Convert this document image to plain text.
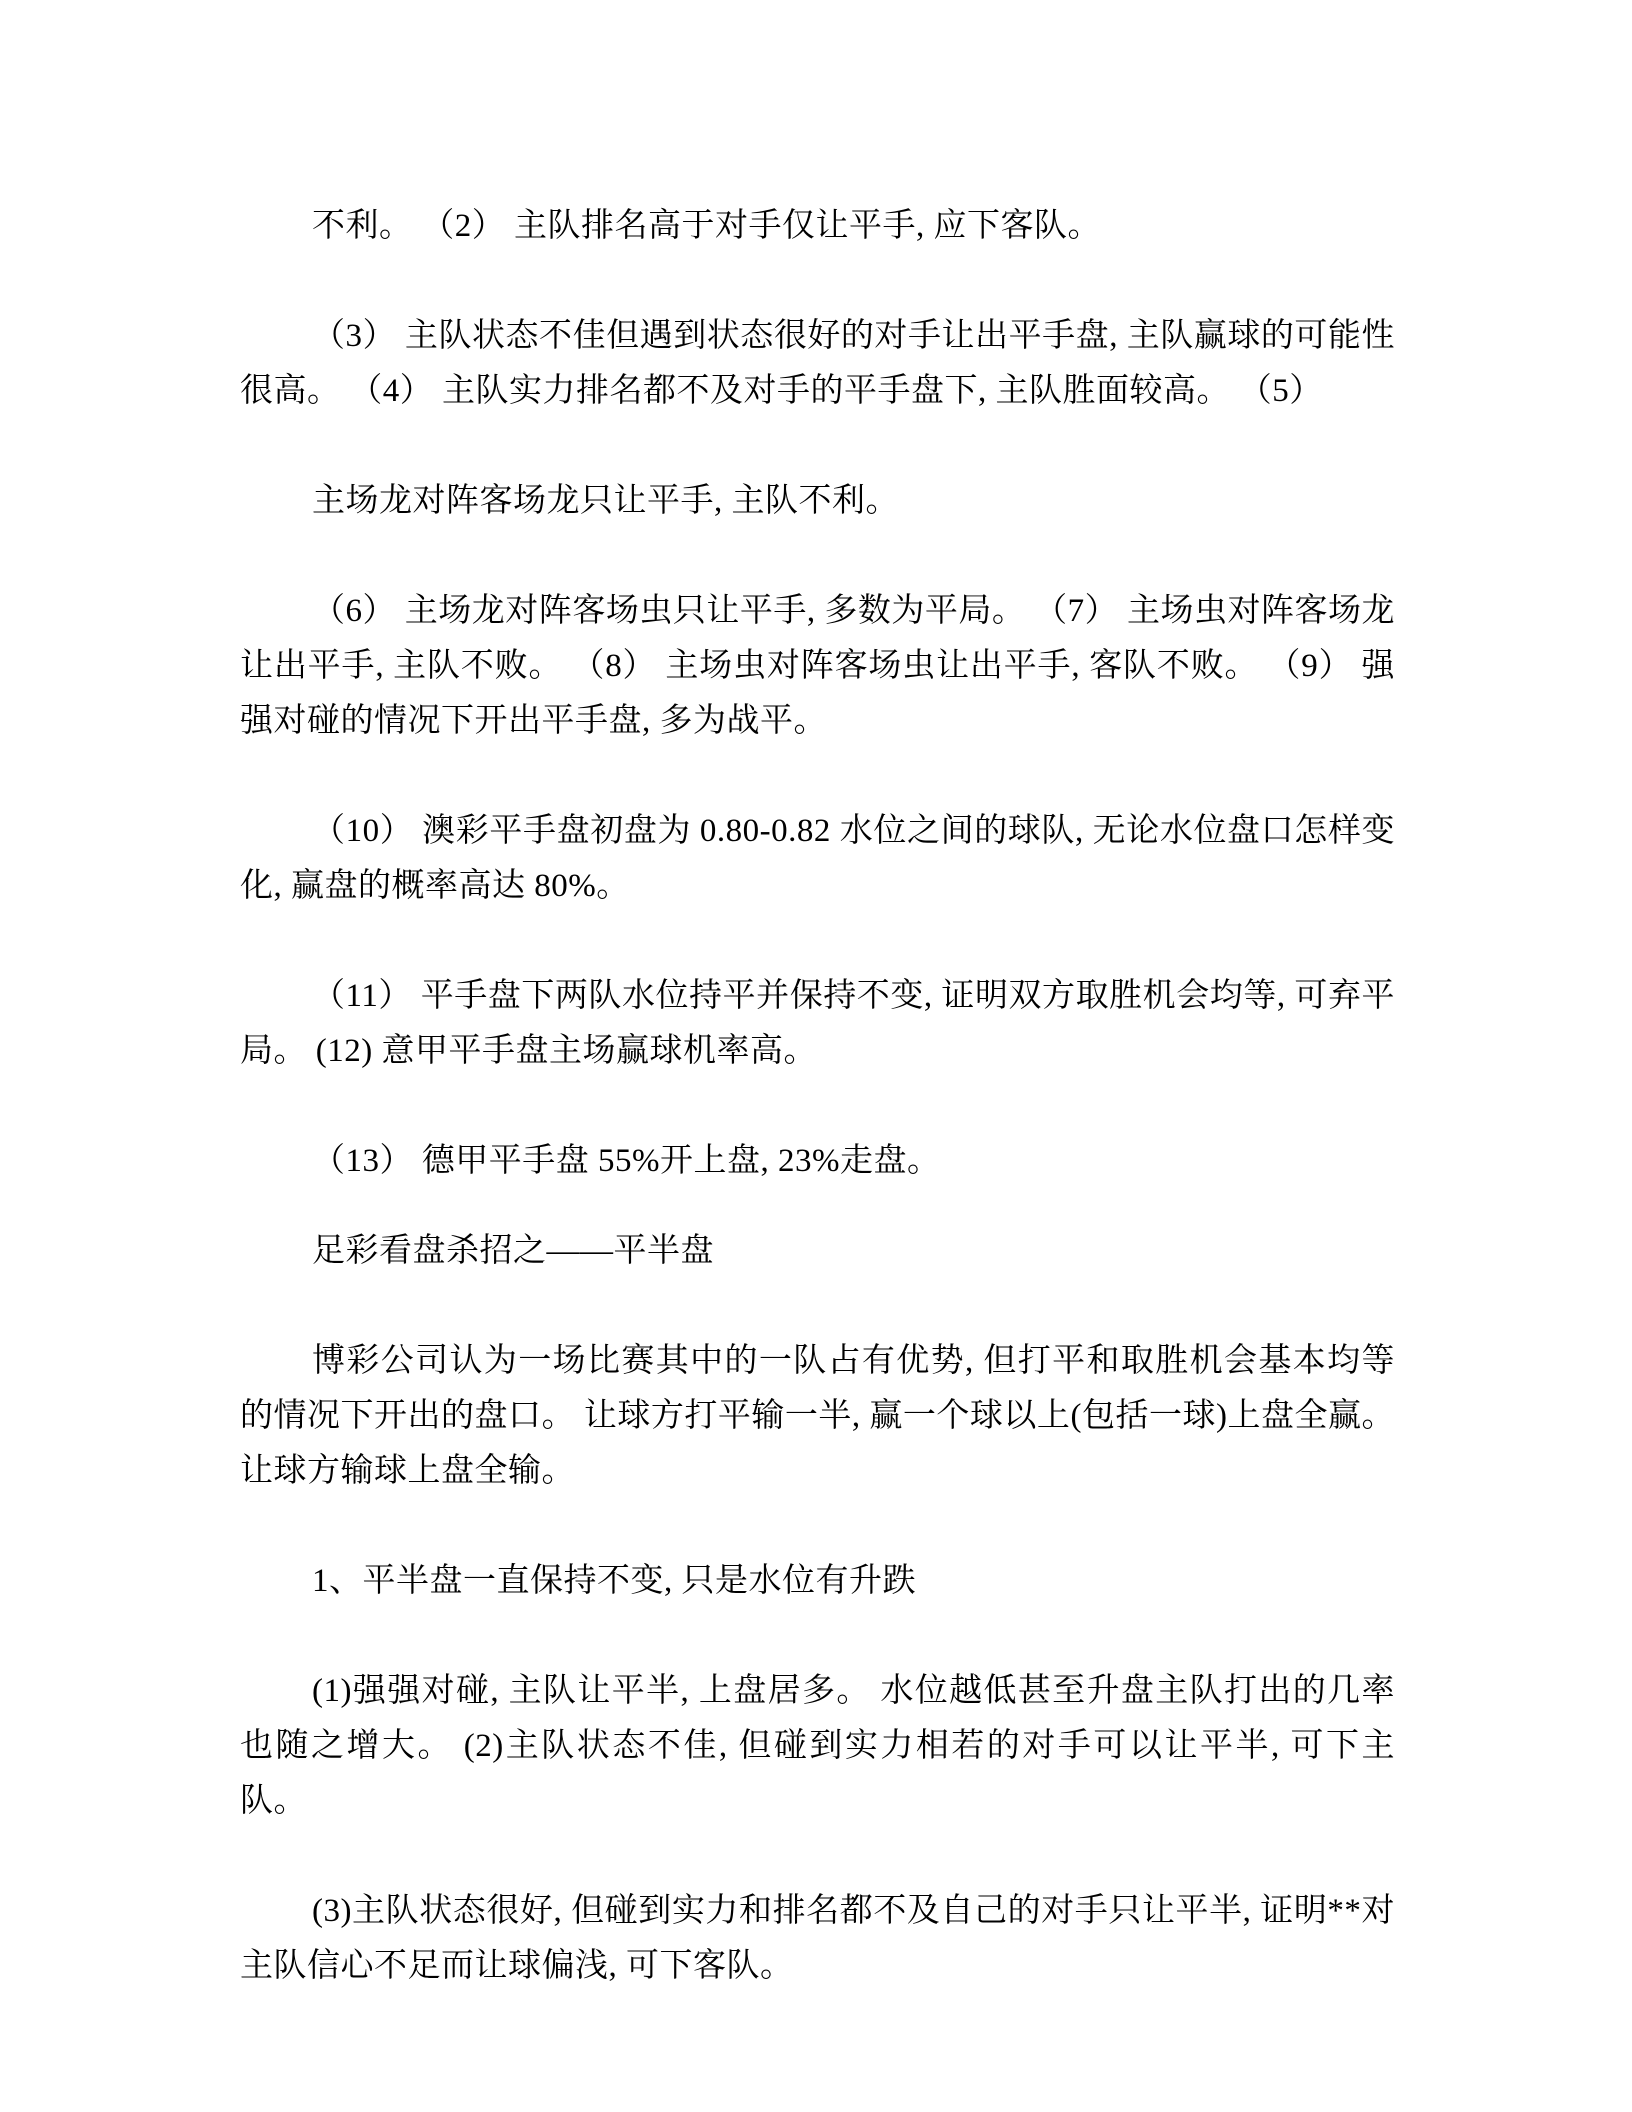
不利。 （2） 主队排名高于对手仅让平手, 应下客队。

（3） 主队状态不佳但遇到状态很好的对手让出平手盘, 主队赢球的可能性很高。 （4） 主队实力排名都不及对手的平手盘下, 主队胜面较高。 （5）

主场龙对阵客场龙只让平手, 主队不利。

（6） 主场龙对阵客场虫只让平手, 多数为平局。 （7） 主场虫对阵客场龙让出平手, 主队不败。 （8） 主场虫对阵客场虫让出平手, 客队不败。 （9） 强强对碰的情况下开出平手盘, 多为战平。

（10） 澳彩平手盘初盘为 0.80-0.82 水位之间的球队, 无论水位盘口怎样变化, 赢盘的概率高达 80%。

（11） 平手盘下两队水位持平并保持不变, 证明双方取胜机会均等, 可弃平局。 (12) 意甲平手盘主场赢球机率高。

（13） 德甲平手盘 55%开上盘, 23%走盘。

足彩看盘杀招之——平半盘

博彩公司认为一场比赛其中的一队占有优势, 但打平和取胜机会基本均等的情况下开出的盘口。 让球方打平输一半, 赢一个球以上(包括一球)上盘全赢。 让球方输球上盘全输。

1、平半盘一直保持不变, 只是水位有升跌

(1)强强对碰, 主队让平半, 上盘居多。 水位越低甚至升盘主队打出的几率也随之增大。 (2)主队状态不佳, 但碰到实力相若的对手可以让平半, 可下主队。

(3)主队状态很好, 但碰到实力和排名都不及自己的对手只让平半, 证明**对主队信心不足而让球偏浅, 可下客队。
